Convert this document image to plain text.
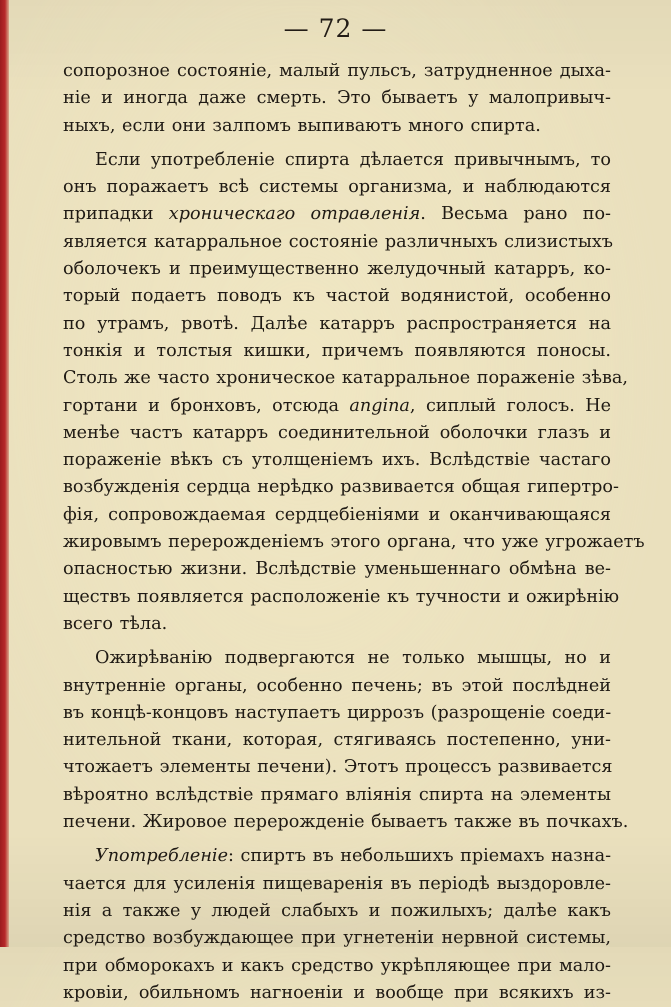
— 72 —
сопорозное состояніе, малый пульсъ, затрудненное дыха-
ніе и иногда даже смерть. Это бываетъ у малопривыч-
ныхъ, если они залпомъ выпиваютъ много спирта.
Если употребленіе спирта дѣлается привычнымъ, то
онъ поражаетъ всѣ системы организма, и наблюдаются
припадки хроническаго отравленія. Весьма рано по-
является катарральное состояніе различныхъ слизистыхъ
оболочекъ и преимущественно желудочный катарръ, ко-
торый подаетъ поводъ къ частой водянистой, особенно
по утрамъ, рвотѣ. Далѣе катарръ распространяется на
тонкія и толстыя кишки, причемъ появляются поносы.
Столь же часто хроническое катарральное пораженіе зѣва,
гортани и бронховъ, отсюда angina, сиплый голосъ. Не
менѣе частъ катарръ соединительной оболочки глазъ и
пораженіе вѣкъ съ утолщеніемъ ихъ. Вслѣдствіе частаго
возбужденія сердца нерѣдко развивается общая гипертро-
фія, сопровождаемая сердцебіеніями и оканчивающаяся
жировымъ перерожденіемъ этого органа, что уже угрожаетъ
опасностью жизни. Вслѣдствіе уменьшеннаго обмѣна ве-
ществъ появляется расположеніе къ тучности и ожирѣнію
всего тѣла.
Ожирѣванію подвергаются не только мышцы, но и
внутренніе органы, особенно печень; въ этой послѣдней
въ концѣ-концовъ наступаетъ циррозъ (разрощеніе соеди-
нительной ткани, которая, стягиваясь постепенно, уни-
чтожаетъ элементы печени). Этотъ процессъ развивается
вѣроятно вслѣдствіе прямаго вліянія спирта на элементы
печени. Жировое перерожденіе бываетъ также въ почкахъ.
Употребленіе: спиртъ въ небольшихъ пріемахъ назна-
чается для усиленія пищеваренія въ періодѣ выздоровле-
нія а также у людей слабыхъ и пожилыхъ; далѣе какъ
средство возбуждающее при угнетеніи нервной системы,
при обморокахъ и какъ средство укрѣпляющее при мало-
кровіи, обильномъ нагноеніи и вообще при всякихъ из-
